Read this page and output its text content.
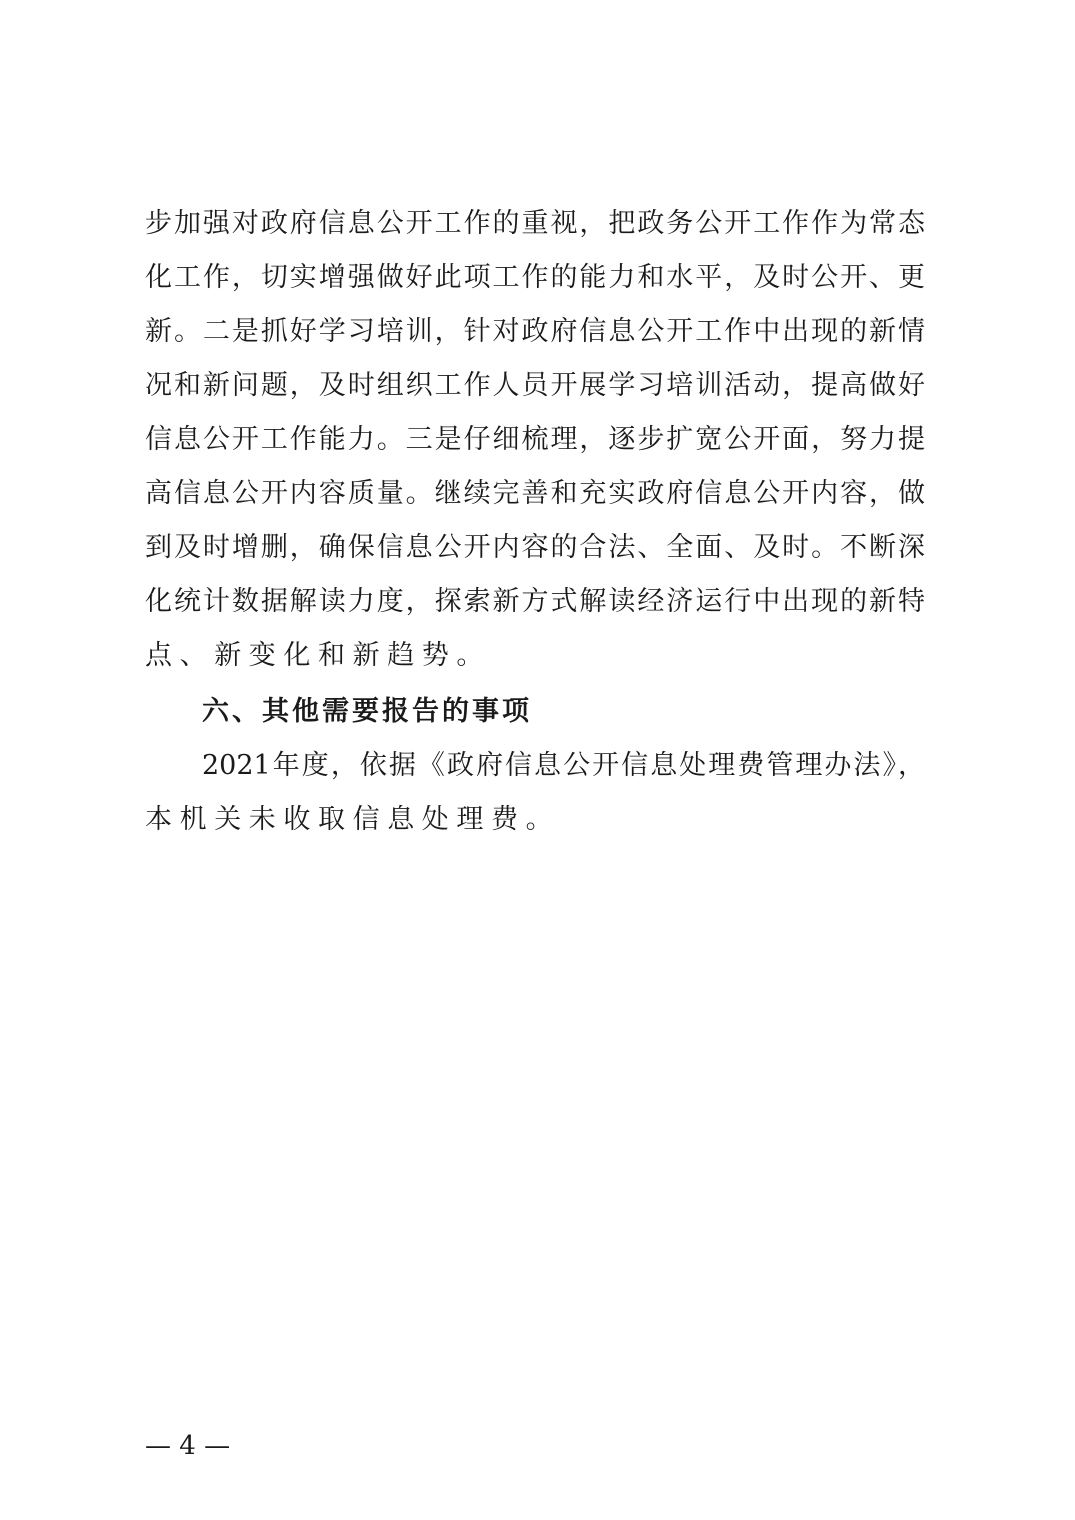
步加强对政府信息公开工作的重视，把政务公开工作作为常态
化工作，切实增强做好此项工作的能力和水平，及时公开、更
新。二是抓好学习培训，针对政府信息公开工作中出现的新情
况和新问题，及时组织工作人员开展学习培训活动，提高做好
信息公开工作能力。三是仔细梳理，逐步扩宽公开面，努力提
高信息公开内容质量。继续完善和充实政府信息公开内容，做
到及时增删，确保信息公开内容的合法、全面、及时。不断深
化统计数据解读力度，探索新方式解读经济运行中出现的新特
点、新变化和新趋势。
六、其他需要报告的事项
2021年度，依据《政府信息公开信息处理费管理办法》，
本机关未收取信息处理费。
— 4 —
